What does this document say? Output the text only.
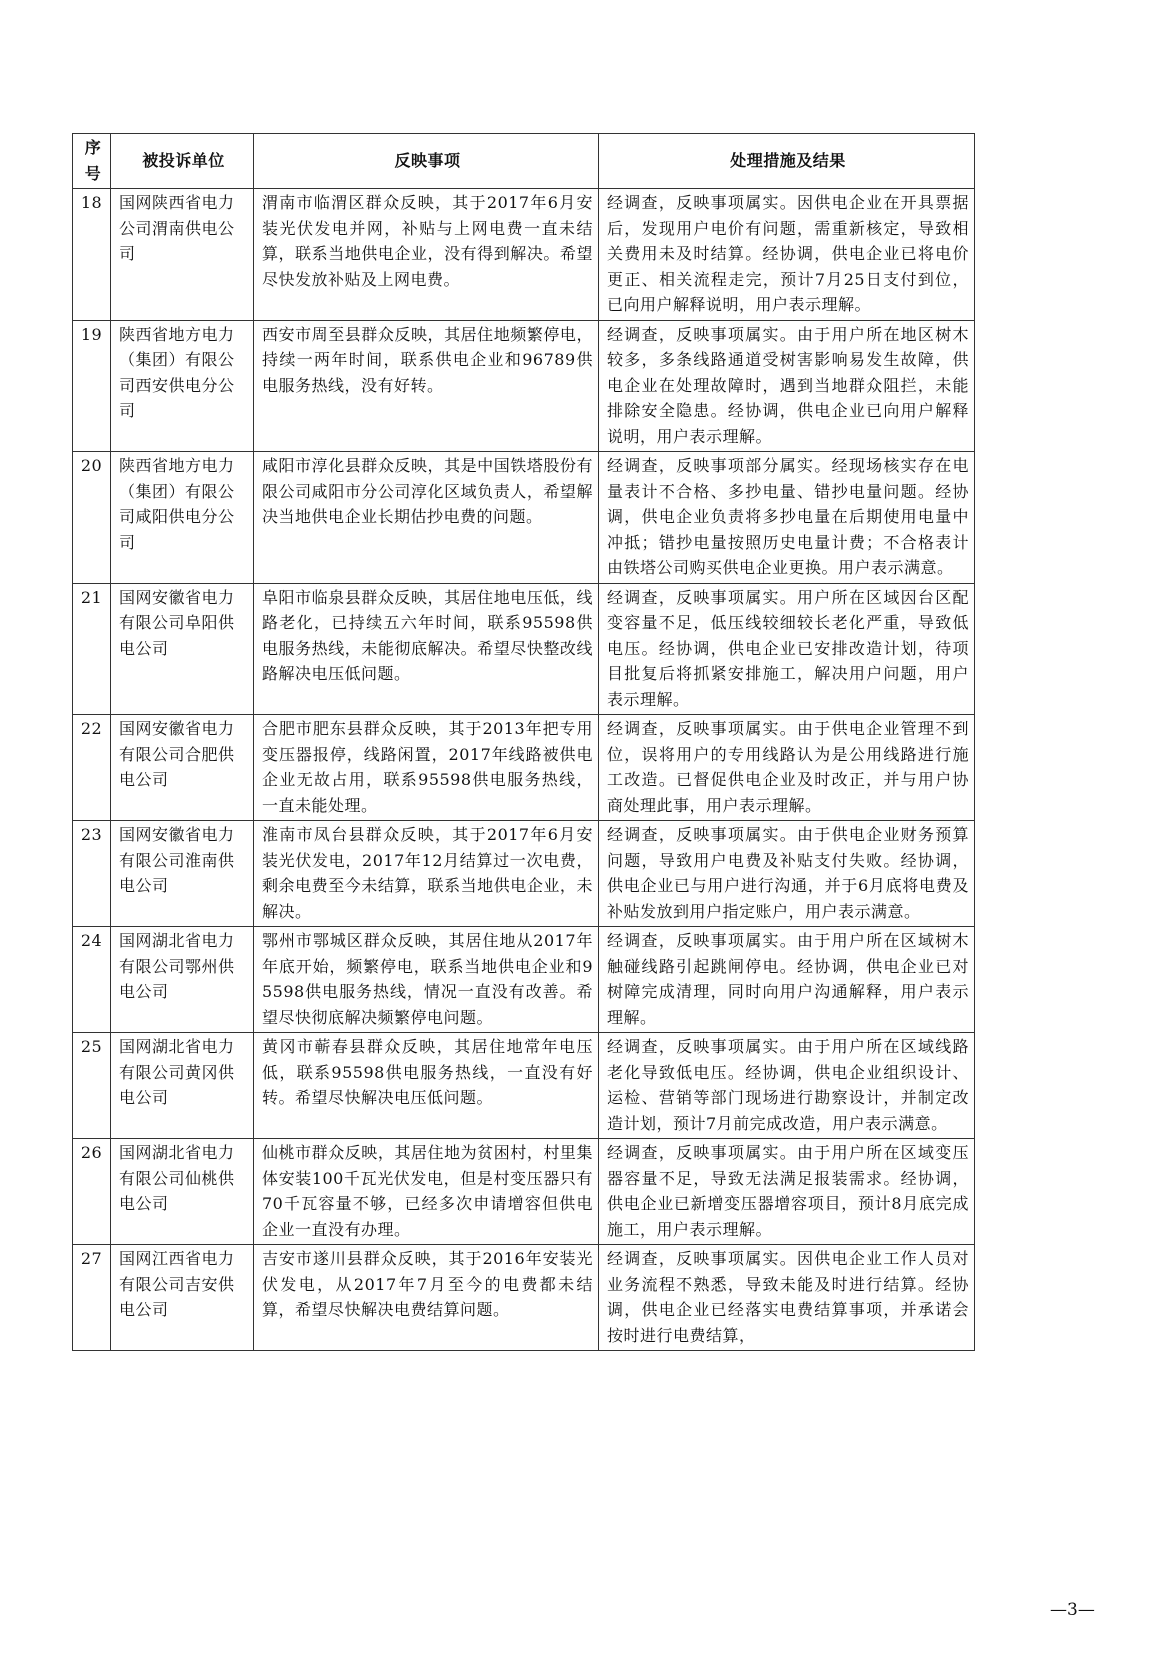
序号	被投诉单位	反映事项	处理措施及结果
18	国网陕西省电力公司渭南供电公司	渭南市临渭区群众反映，其于2017年6月安装光伏发电并网，补贴与上网电费一直未结算，联系当地供电企业，没有得到解决。希望尽快发放补贴及上网电费。	经调查，反映事项属实。因供电企业在开具票据后，发现用户电价有问题，需重新核定，导致相关费用未及时结算。经协调，供电企业已将电价更正、相关流程走完，预计7月25日支付到位，已向用户解释说明，用户表示理解。
19	陕西省地方电力（集团）有限公司西安供电分公司	西安市周至县群众反映，其居住地频繁停电，持续一两年时间，联系供电企业和96789供电服务热线，没有好转。	经调查，反映事项属实。由于用户所在地区树木较多，多条线路通道受树害影响易发生故障，供电企业在处理故障时，遇到当地群众阻拦，未能排除安全隐患。经协调，供电企业已向用户解释说明，用户表示理解。
20	陕西省地方电力（集团）有限公司咸阳供电分公司	咸阳市淳化县群众反映，其是中国铁塔股份有限公司咸阳市分公司淳化区域负责人，希望解决当地供电企业长期估抄电费的问题。	经调查，反映事项部分属实。经现场核实存在电量表计不合格、多抄电量、错抄电量问题。经协调，供电企业负责将多抄电量在后期使用电量中冲抵；错抄电量按照历史电量计费；不合格表计由铁塔公司购买供电企业更换。用户表示满意。
21	国网安徽省电力有限公司阜阳供电公司	阜阳市临泉县群众反映，其居住地电压低，线路老化，已持续五六年时间，联系95598供电服务热线，未能彻底解决。希望尽快整改线路解决电压低问题。	经调查，反映事项属实。用户所在区域因台区配变容量不足，低压线较细较长老化严重，导致低电压。经协调，供电企业已安排改造计划，待项目批复后将抓紧安排施工，解决用户问题，用户表示理解。
22	国网安徽省电力有限公司合肥供电公司	合肥市肥东县群众反映，其于2013年把专用变压器报停，线路闲置，2017年线路被供电企业无故占用，联系95598供电服务热线，一直未能处理。	经调查，反映事项属实。由于供电企业管理不到位，误将用户的专用线路认为是公用线路进行施工改造。已督促供电企业及时改正，并与用户协商处理此事，用户表示理解。
23	国网安徽省电力有限公司淮南供电公司	淮南市凤台县群众反映，其于2017年6月安装光伏发电，2017年12月结算过一次电费，剩余电费至今未结算，联系当地供电企业，未解决。	经调查，反映事项属实。由于供电企业财务预算问题，导致用户电费及补贴支付失败。经协调，供电企业已与用户进行沟通，并于6月底将电费及补贴发放到用户指定账户，用户表示满意。
24	国网湖北省电力有限公司鄂州供电公司	鄂州市鄂城区群众反映，其居住地从2017年年底开始，频繁停电，联系当地供电企业和95598供电服务热线，情况一直没有改善。希望尽快彻底解决频繁停电问题。	经调查，反映事项属实。由于用户所在区域树木触碰线路引起跳闸停电。经协调，供电企业已对 树障完成清理，同时向用户沟通解释，用户表示理解。
25	国网湖北省电力有限公司黄冈供电公司	黄冈市蕲春县群众反映，其居住地常年电压低，联系95598供电服务热线，一直没有好转。希望尽快解决电压低问题。	经调查，反映事项属实。由于用户所在区域线路老化导致低电压。经协调，供电企业组织设计、运检、营销等部门现场进行勘察设计，并制定改造计划，预计7月前完成改造，用户表示满意。
26	国网湖北省电力有限公司仙桃供电公司	仙桃市群众反映，其居住地为贫困村，村里集体安装100千瓦光伏发电，但是村变压器只有70千瓦容量不够，已经多次申请增容但供电企业一直没有办理。	经调查，反映事项属实。由于用户所在区域变压器容量不足，导致无法满足报装需求。经协调，供电企业已新增变压器增容项目，预计8月底完成施工，用户表示理解。
27	国网江西省电力有限公司吉安供电公司	吉安市遂川县群众反映，其于2016年安装光伏发电，从2017年7月至今的电费都未结算，希望尽快解决电费结算问题。	经调查，反映事项属实。因供电企业工作人员对业务流程不熟悉，导致未能及时进行结算。经协调，供电企业已经落实电费结算事项，并承诺会按时进行电费结算，
—3—
